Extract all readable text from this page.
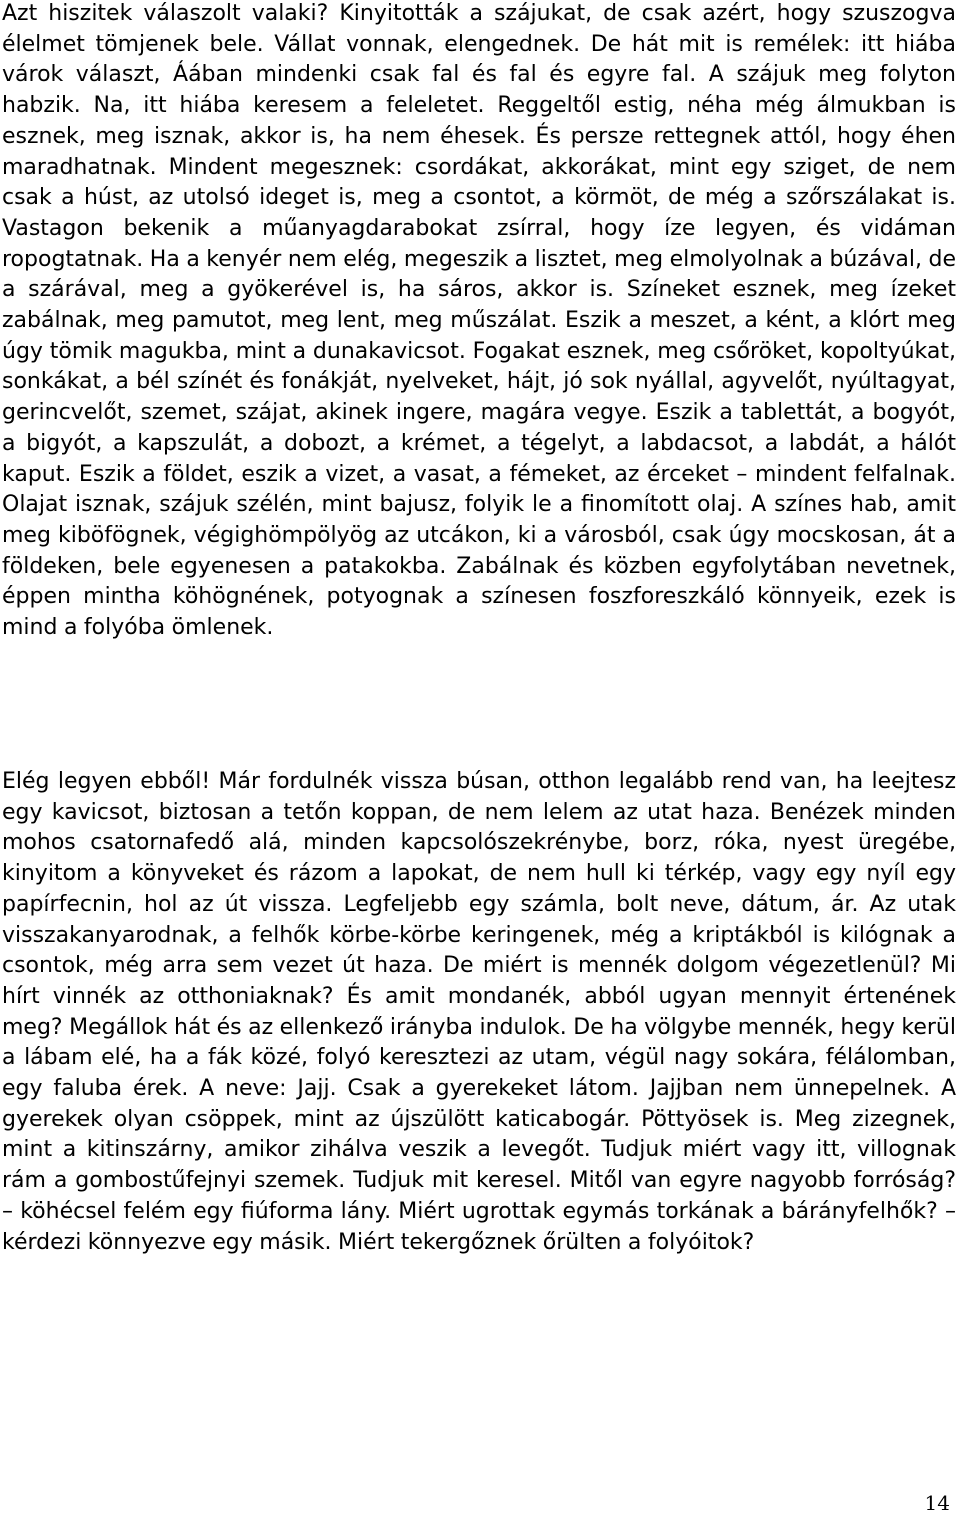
Azt hiszitek válaszolt valaki? Kinyitották a szájukat, de csak azért, hogy szuszogva élelmet tömjenek bele. Vállat vonnak, elengednek. De hát mit is remélek: itt hiába várok választ, Áában mindenki csak fal és fal és egyre fal. A szájuk meg folyton habzik. Na, itt hiába keresem a feleletet. Reggeltől estig, néha még álmukban is esznek, meg isznak, akkor is, ha nem éhesek. És persze rettegnek attól, hogy éhen maradhatnak. Mindent megesznek: csordákat, akkorákat, mint egy sziget, de nem csak a húst, az utolsó ideget is, meg a csontot, a körmöt, de még a szőrszálakat is. Vastagon bekenik a műanyagdarabokat zsírral, hogy íze legyen, és vidáman ropogtatnak. Ha a kenyér nem elég, megeszik a lisztet, meg elmolyolnak a búzával, de a szárával, meg a gyökerével is, ha sáros, akkor is. Színeket esznek, meg ízeket zabálnak, meg pamutot, meg lent, meg műszálat. Eszik a meszet, a ként, a klórt meg úgy tömik magukba, mint a dunakavicsot. Fogakat esznek, meg csőröket, kopoltyúkat, sonkákat, a bél színét és fonákját, nyelveket, hájt, jó sok nyállal, agyvelőt, nyúltagyat, gerincvelőt, szemet, szájat, akinek ingere, magára vegye. Eszik a tablettát, a bogyót, a bigyót, a kapszulát, a dobozt, a krémet, a tégelyt, a labdacsot, a labdát, a hálót kaput. Eszik a földet, eszik a vizet, a vasat, a fémeket, az érceket – mindent felfalnak. Olajat isznak, szájuk szélén, mint bajusz, folyik le a finomított olaj. A színes hab, amit meg kiböfögnek, végighömpölyög az utcákon, ki a városból, csak úgy mocskosan, át a földeken, bele egyenesen a patakokba. Zabálnak és közben egyfolytában nevetnek, éppen mintha köhögnének, potyognak a színesen foszforeszkáló könnyeik, ezek is mind a folyóba ömlenek.

Elég legyen ebből! Már fordulnék vissza búsan, otthon legalább rend van, ha leejtesz egy kavicsot, biztosan a tetőn koppan, de nem lelem az utat haza. Benézek minden mohos csatornafedő alá, minden kapcsolószekrénybe, borz, róka, nyest üregébe, kinyitom a könyveket és rázom a lapokat, de nem hull ki térkép, vagy egy nyíl egy papírfecnin, hol az út vissza. Legfeljebb egy számla, bolt neve, dátum, ár. Az utak visszakanyarodnak, a felhők körbe-körbe keringenek, még a kriptákból is kilógnak a csontok, még arra sem vezet út haza. De miért is mennék dolgom végezetlenül? Mi hírt vinnék az otthoniaknak? És amit mondanék, abból ugyan mennyit értenének meg? Megállok hát és az ellenkező irányba indulok. De ha völgybe mennék, hegy kerül a lábam elé, ha a fák közé, folyó keresztezi az utam, végül nagy sokára, félálomban, egy faluba érek. A neve: Jajj. Csak a gyerekeket látom. Jajjban nem ünnepelnek. A gyerekek olyan csöppek, mint az újszülött katicabogár. Pöttyösek is. Meg zizegnek, mint a kitinszárny, amikor zihálva veszik a levegőt. Tudjuk miért vagy itt, villognak rám a gombostűfejnyi szemek. Tudjuk mit keresel. Mitől van egyre nagyobb forróság? – köhécsel felém egy fiúforma lány. Miért ugrottak egymás torkának a bárányfelhők? – kérdezi könnyezve egy másik. Miért tekergőznek őrülten a folyóitok?

14
